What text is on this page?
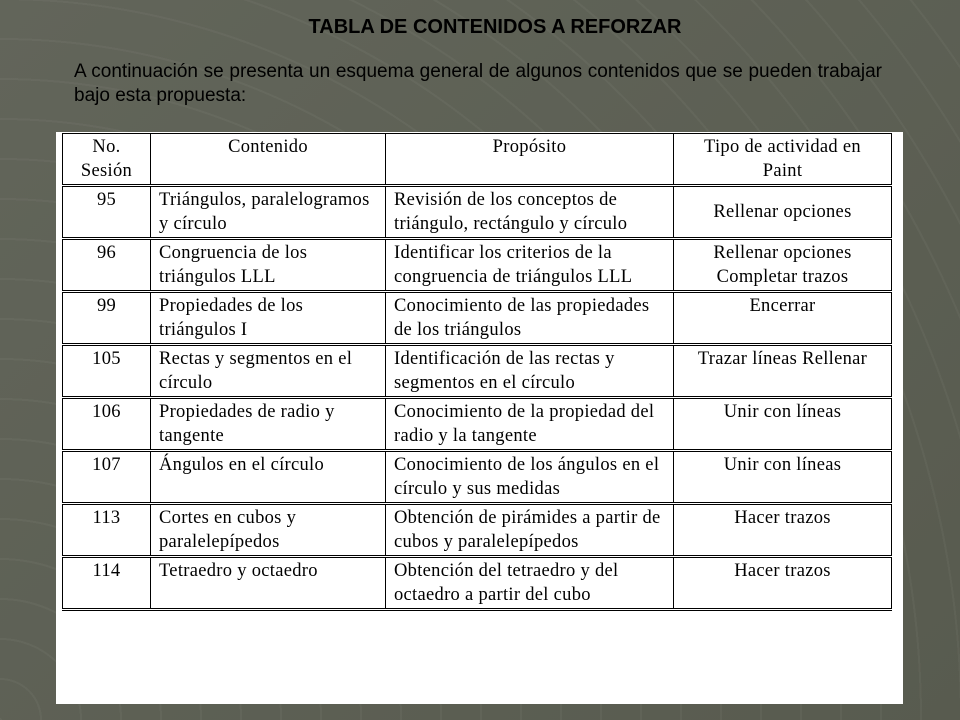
TABLA DE CONTENIDOS A REFORZAR
A continuación se presenta un esquema general de algunos contenidos que se pueden trabajar bajo esta propuesta:
No. Sesión	Contenido	Propósito	Tipo de actividad en Paint
95	Triángulos, paralelogramos y círculo	Revisión de los conceptos de triángulo, rectángulo y círculo	Rellenar opciones
96	Congruencia de los triángulos LLL	Identificar los criterios de la congruencia de triángulos LLL	Rellenar opciones Completar trazos
99	Propiedades de los triángulos I	Conocimiento de las propiedades de los triángulos	Encerrar
105	Rectas y segmentos en el círculo	Identificación de las rectas y segmentos en el círculo	Trazar líneas Rellenar
106	Propiedades de radio y tangente	Conocimiento de la propiedad del radio y la tangente	Unir con líneas
107	Ángulos en el círculo	Conocimiento de los ángulos en el círculo y sus medidas	Unir con líneas
113	Cortes en cubos y paralelepípedos	Obtención de pirámides a partir de cubos y paralelepípedos	Hacer trazos
114	Tetraedro y octaedro	Obtención del tetraedro y del octaedro a partir del cubo	Hacer trazos
